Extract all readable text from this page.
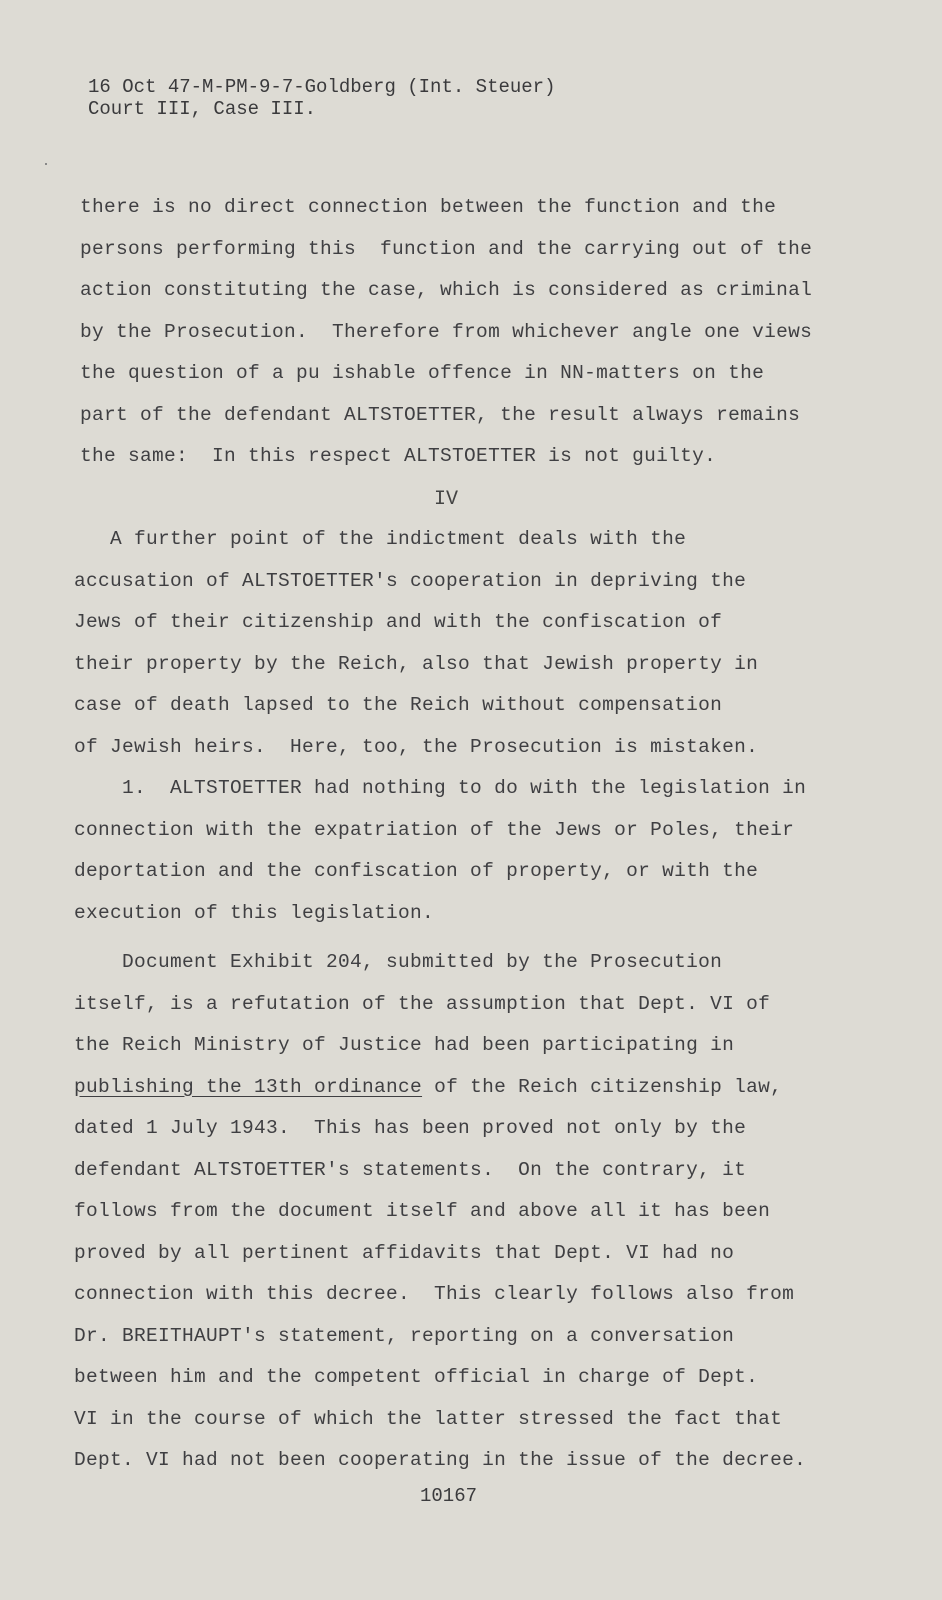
16 Oct 47-M-PM-9-7-Goldberg (Int. Steuer)
Court III, Case III.
there is no direct connection between the function and the
persons performing this  function and the carrying out of the
action constituting the case, which is considered as criminal
by the Prosecution.  Therefore from whichever angle one views
the question of a pu ishable offence in NN-matters on the
part of the defendant ALTSTOETTER, the result always remains
the same:  In this respect ALTSTOETTER is not guilty.
A further point of the indictment deals with the
accusation of ALTSTOETTER's cooperation in depriving the
Jews of their citizenship and with the confiscation of
their property by the Reich, also that Jewish property in
case of death lapsed to the Reich without compensation
of Jewish heirs.  Here, too, the Prosecution is mistaken.
1.  ALTSTOETTER had nothing to do with the legislation in
connection with the expatriation of the Jews or Poles, their
deportation and the confiscation of property, or with the
execution of this legislation.
Document Exhibit 204, submitted by the Prosecution
itself, is a refutation of the assumption that Dept. VI of
the Reich Ministry of Justice had been participating in
publishing the 13th ordinance of the Reich citizenship law,
dated 1 July 1943.  This has been proved not only by the
defendant ALTSTOETTER's statements.  On the contrary, it
follows from the document itself and above all it has been
proved by all pertinent affidavits that Dept. VI had no
connection with this decree.  This clearly follows also from
Dr. BREITHAUPT's statement, reporting on a conversation
between him and the competent official in charge of Dept.
VI in the course of which the latter stressed the fact that
Dept. VI had not been cooperating in the issue of the decree.
IV
10167
